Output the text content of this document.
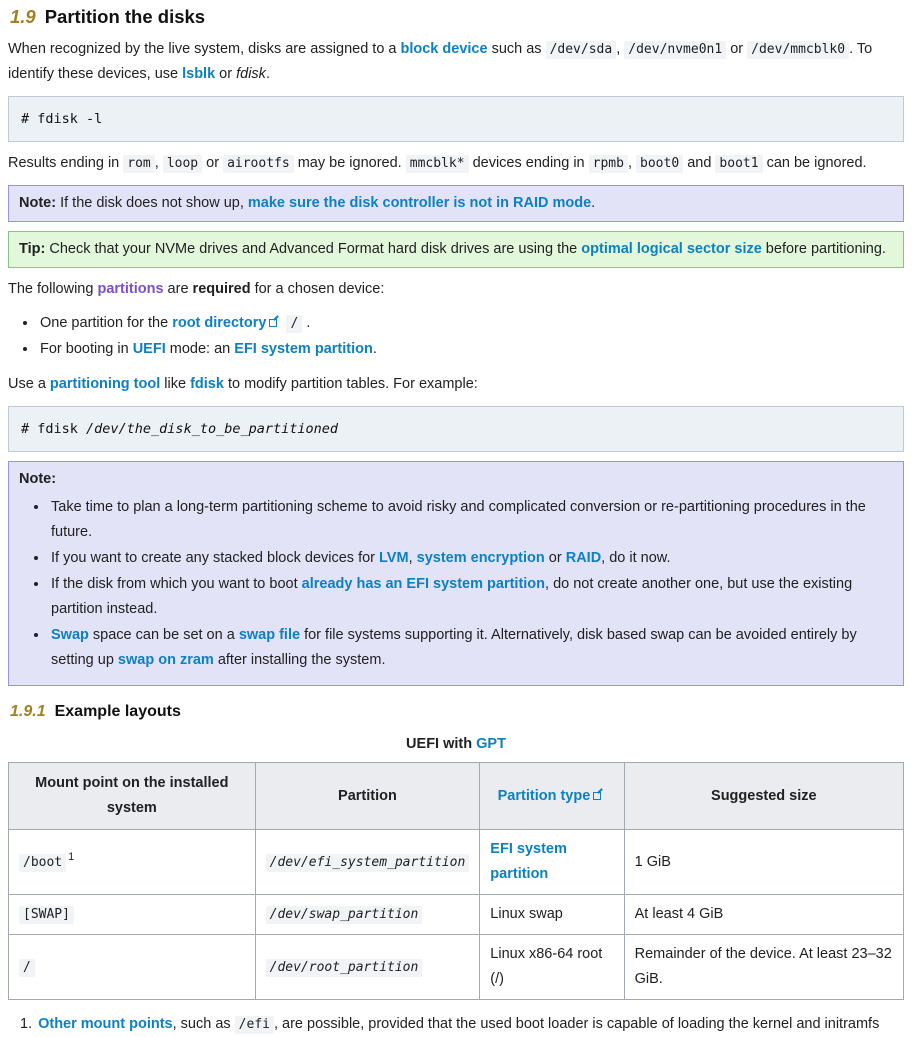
1.9 Partition the disks

When recognized by the live system, disks are assigned to a block device such as /dev/sda , /dev/nvme0n1 or /dev/mmcblk0 . To identify these devices, use lsblk or fdisk.

# fdisk -l

Results ending in rom , loop or airootfs may be ignored. mmcblk* devices ending in rpmb , boot0 and boot1 can be ignored.

Note: If the disk does not show up, make sure the disk controller is not in RAID mode.
Tip: Check that your NVMe drives and Advanced Format hard disk drives are using the optimal logical sector size before partitioning.

The following partitions are required for a chosen device:

• One partition for the root directory / .
• For booting in UEFI mode: an EFI system partition.

Use a partitioning tool like fdisk to modify partition tables. For example:

# fdisk /dev/the_disk_to_be_partitioned
Note:
• Take time to plan a long-term partitioning scheme to avoid risky and complicated conversion or re-partitioning procedures in the future.
• If you want to create any stacked block devices for LVM, system encryption or RAID, do it now.
• If the disk from which you want to boot already has an EFI system partition, do not create another one, but use the existing partition instead.
• Swap space can be set on a swap file for file systems supporting it. Alternatively, disk based swap can be avoided entirely by setting up swap on zram after installing the system.
1.9.1 Example layouts
UEFI with GPT
Mount point on the installed system	Partition	Partition type	Suggested size
/boot $^1$	/dev/efi_system_partition	EFI system partition	1 GiB
[SWAP]	/dev/swap_partition	Linux swap	At least 4 GiB
/	/dev/root_partition	Linux x86-64 root (/)	Remainder of the device. At least 23–32 GiB.
1. Other mount points, such as /efi , are possible, provided that the used boot loader is capable of loading the kernel and initramfs
